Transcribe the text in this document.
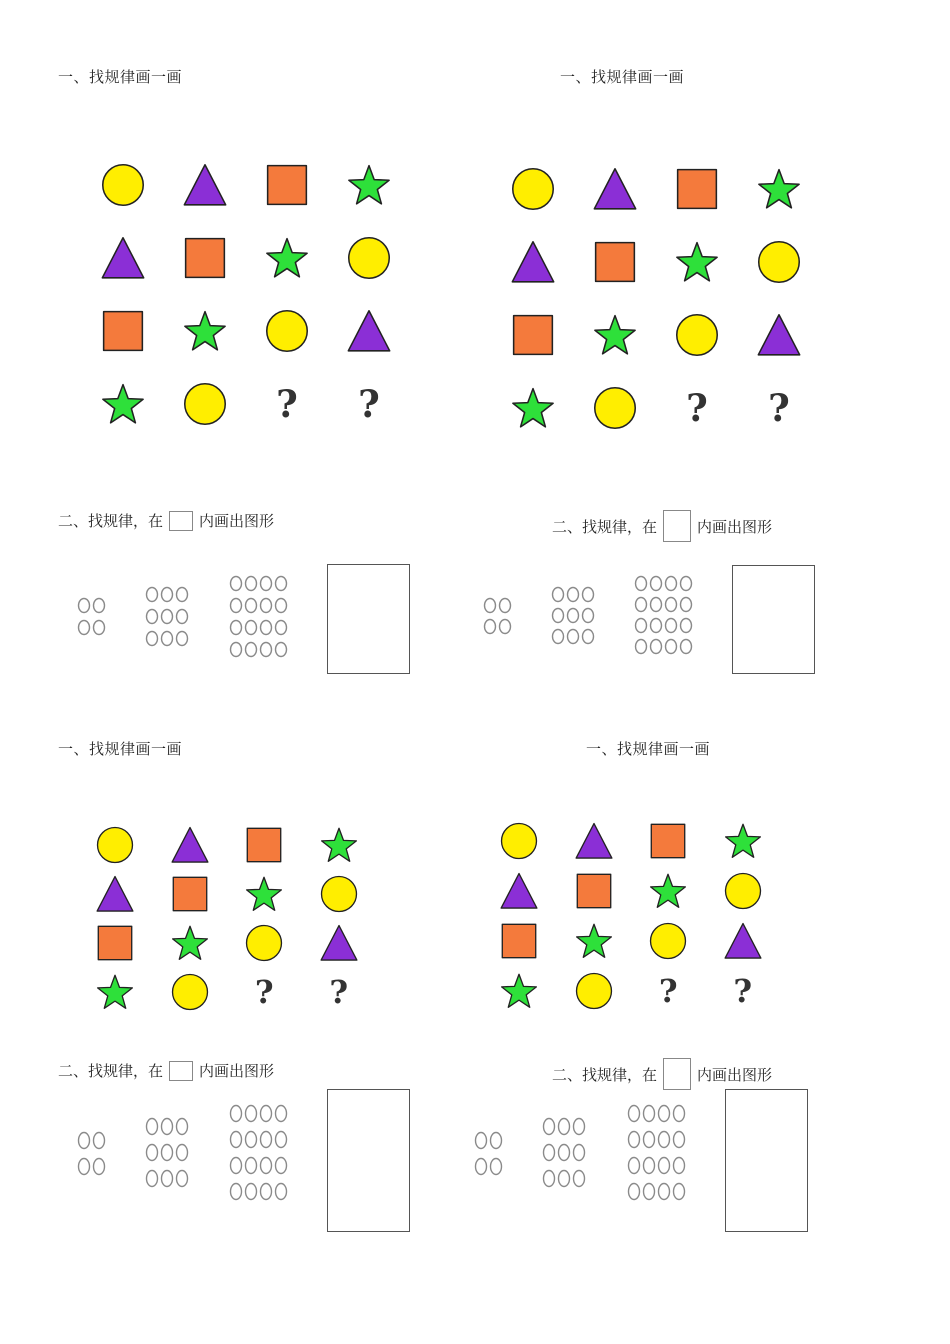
一、找规律画一画
? ?
二、找规律，在 内画出图形
一、找规律画一画
? ?
二、找规律，在	内画出图形
一、找规律画一画
? ?
二、找规律，在 内画出图形
一、找规律画一画
? ?
二、找规律，在	内画出图形
